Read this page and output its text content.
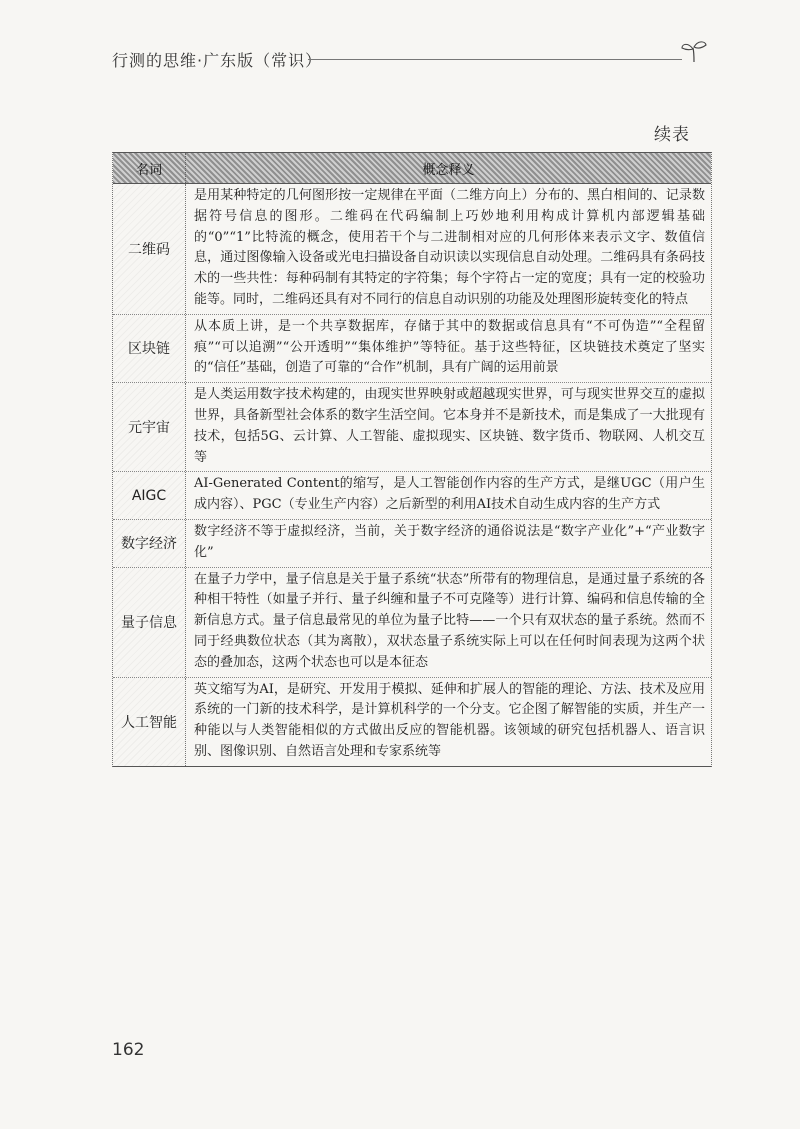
行测的思维·广东版（常识）
续表
名词	概念释义
二维码
是用某种特定的几何图形按一定规律在平面（二维方向上）分布的、黑白相间的、记录数据符号信息的图形。二维码在代码编制上巧妙地利用构成计算机内部逻辑基础的“0”“1”比特流的概念，使用若干个与二进制相对应的几何形体来表示文字、数值信息，通过图像输入设备或光电扫描设备自动识读以实现信息自动处理。二维码具有条码技术的一些共性：每种码制有其特定的字符集；每个字符占一定的宽度；具有一定的校验功能等。同时，二维码还具有对不同行的信息自动识别的功能及处理图形旋转变化的特点
区块链
从本质上讲，是一个共享数据库，存储于其中的数据或信息具有“不可伪造”“全程留痕”“可以追溯”“公开透明”“集体维护”等特征。基于这些特征，区块链技术奠定了坚实的“信任”基础，创造了可靠的“合作”机制，具有广阔的运用前景
元宇宙
是人类运用数字技术构建的，由现实世界映射或超越现实世界，可与现实世界交互的虚拟世界，具备新型社会体系的数字生活空间。它本身并不是新技术，而是集成了一大批现有技术，包括5G、云计算、人工智能、虚拟现实、区块链、数字货币、物联网、人机交互等
AIGC
AI-Generated Content的缩写，是人工智能创作内容的生产方式，是继UGC（用户生成内容）、PGC（专业生产内容）之后新型的利用AI技术自动生成内容的生产方式
数字经济
数字经济不等于虚拟经济，当前，关于数字经济的通俗说法是“数字产业化”+“产业数字化”
量子信息
在量子力学中，量子信息是关于量子系统“状态”所带有的物理信息，是通过量子系统的各种相干特性（如量子并行、量子纠缠和量子不可克隆等）进行计算、编码和信息传输的全新信息方式。量子信息最常见的单位为量子比特——一个只有双状态的量子系统。然而不同于经典数位状态（其为离散），双状态量子系统实际上可以在任何时间表现为这两个状态的叠加态，这两个状态也可以是本征态
人工智能
英文缩写为AI，是研究、开发用于模拟、延伸和扩展人的智能的理论、方法、技术及应用系统的一门新的技术科学，是计算机科学的一个分支。它企图了解智能的实质，并生产一种能以与人类智能相似的方式做出反应的智能机器。该领域的研究包括机器人、语言识别、图像识别、自然语言处理和专家系统等
162
